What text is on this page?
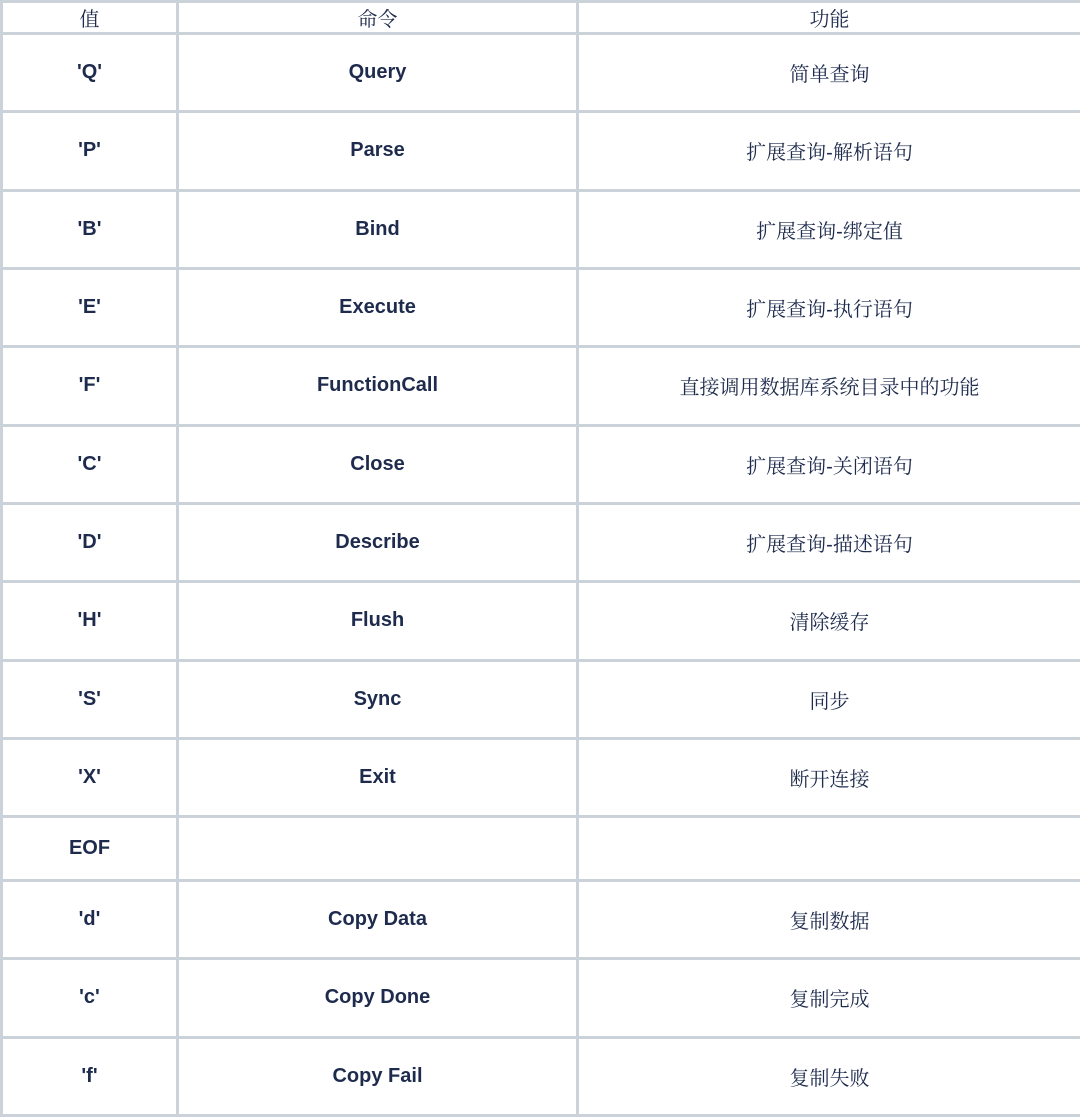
值	命令	功能
'Q'	Query	简单查询
'P'	Parse	扩展查询-解析语句
'B'	Bind	扩展查询-绑定值
'E'	Execute	扩展查询-执行语句
'F'	FunctionCall	直接调用数据库系统目录中的功能
'C'	Close	扩展查询-关闭语句
'D'	Describe	扩展查询-描述语句
'H'	Flush	清除缓存
'S'	Sync	同步
'X'	Exit	断开连接
EOF		
'd'	Copy Data	复制数据
'c'	Copy Done	复制完成
'f'	Copy Fail	复制失败
